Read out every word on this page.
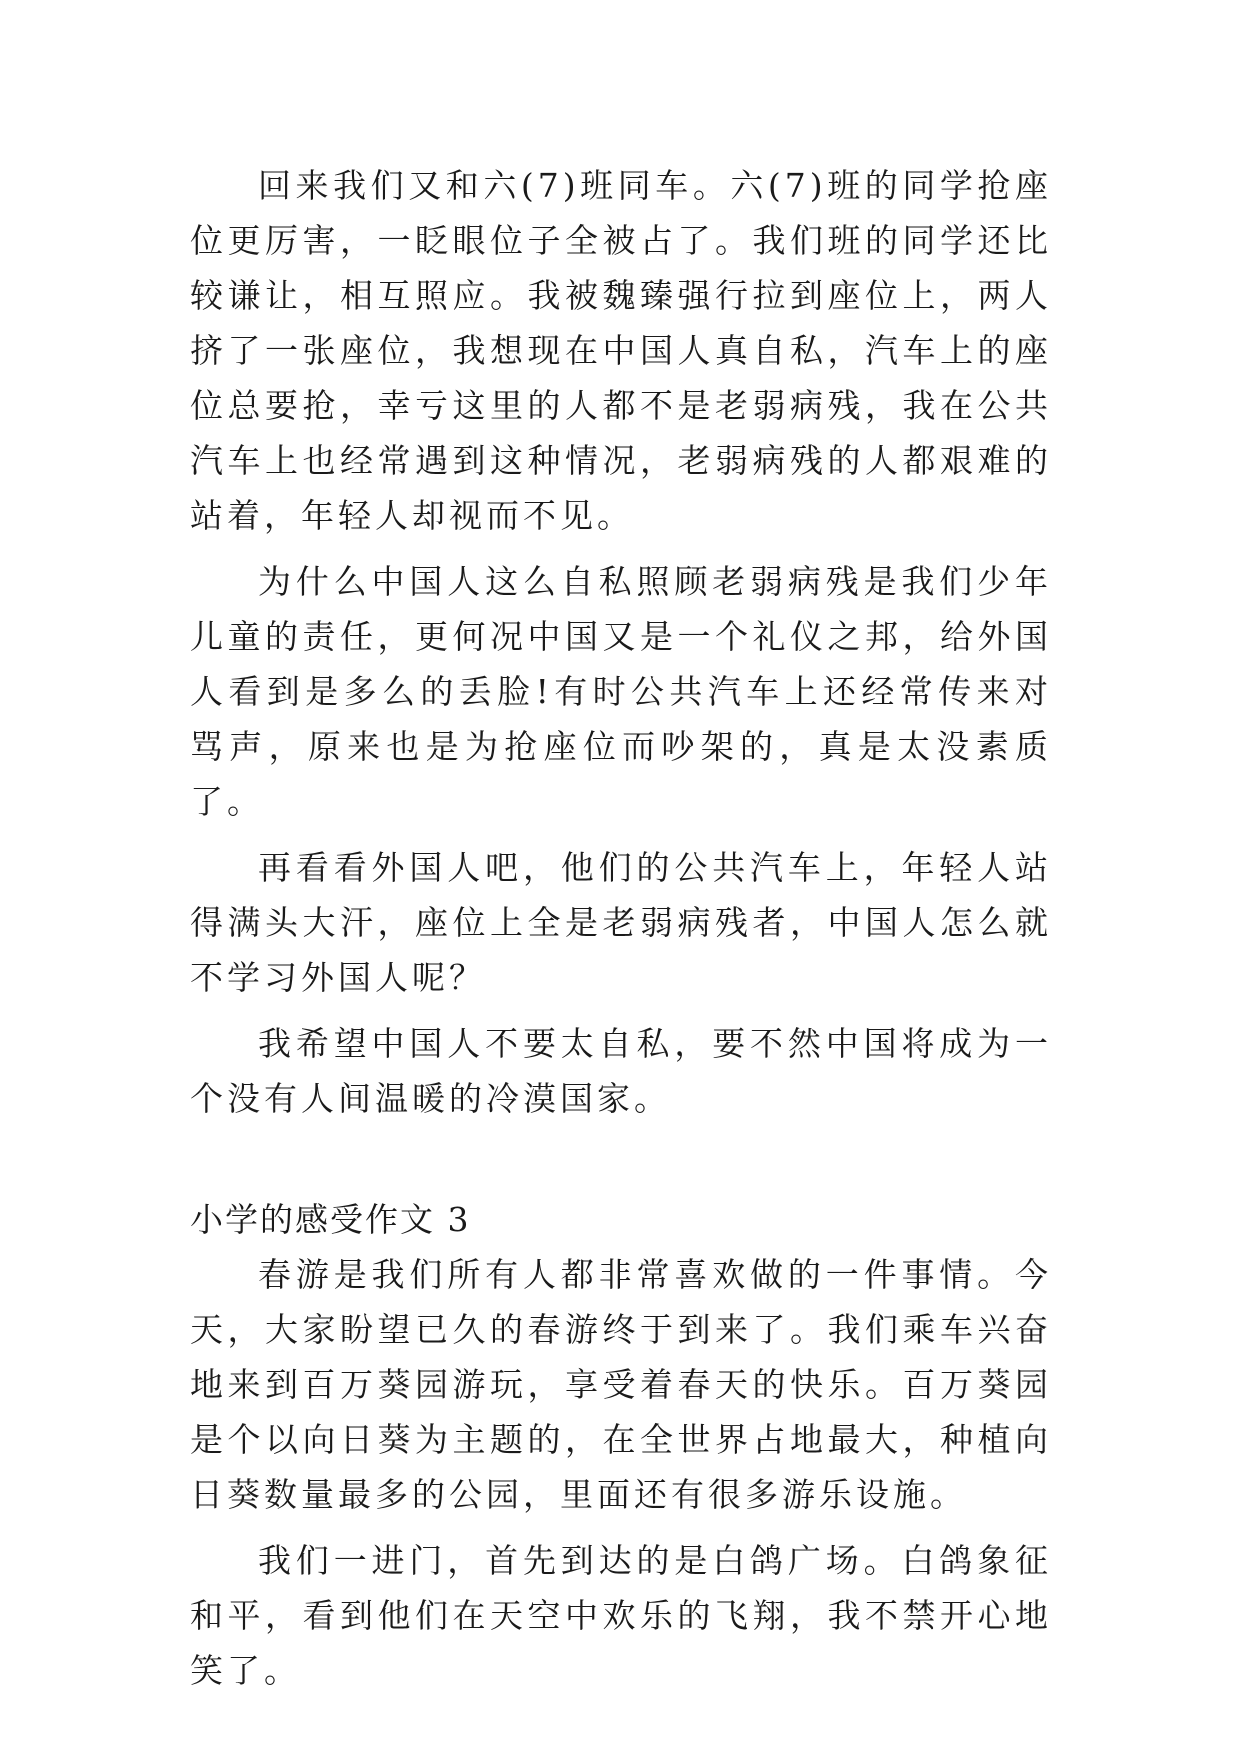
回来我们又和六(7)班同车。六(7)班的同学抢座位更厉害，一眨眼位子全被占了。我们班的同学还比较谦让，相互照应。我被魏臻强行拉到座位上，两人挤了一张座位，我想现在中国人真自私，汽车上的座位总要抢，幸亏这里的人都不是老弱病残，我在公共汽车上也经常遇到这种情况，老弱病残的人都艰难的站着，年轻人却视而不见。

为什么中国人这么自私照顾老弱病残是我们少年儿童的责任，更何况中国又是一个礼仪之邦，给外国人看到是多么的丢脸!有时公共汽车上还经常传来对骂声，原来也是为抢座位而吵架的，真是太没素质了。

再看看外国人吧，他们的公共汽车上，年轻人站得满头大汗，座位上全是老弱病残者，中国人怎么就不学习外国人呢？

我希望中国人不要太自私，要不然中国将成为一个没有人间温暖的冷漠国家。

小学的感受作文 3

春游是我们所有人都非常喜欢做的一件事情。今天，大家盼望已久的春游终于到来了。我们乘车兴奋地来到百万葵园游玩，享受着春天的快乐。百万葵园是个以向日葵为主题的，在全世界占地最大，种植向日葵数量最多的公园，里面还有很多游乐设施。

我们一进门，首先到达的是白鸽广场。白鸽象征和平，看到他们在天空中欢乐的飞翔，我不禁开心地笑了。
